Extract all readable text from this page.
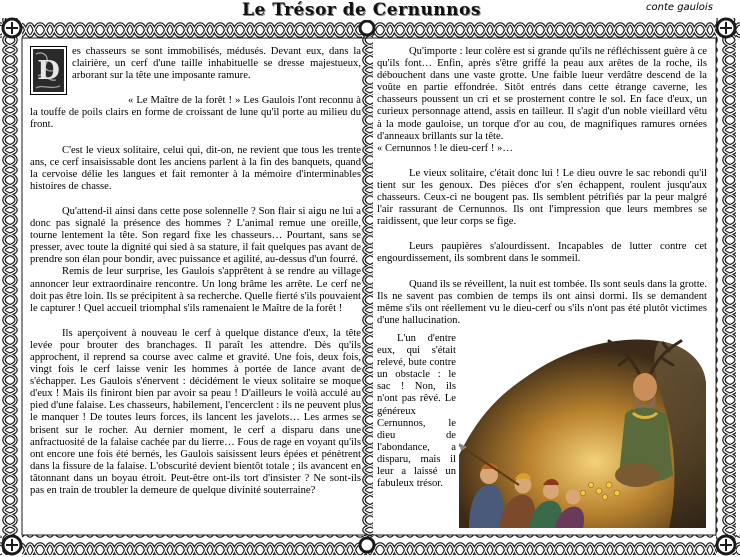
Le Trésor de Cernunnos	conte gaulois
D

es chasseurs se sont immobilisés, médusés. Devant eux, dans la clairière, un cerf d'une taille inhabituelle se dresse majestueux, arborant sur la tête une imposante ramure.

« Le Maître de la forêt ! » Les Gaulois l'ont reconnu à la touffe de poils clairs en forme de croissant de lune qu'il porte au milieu du front.

C'est le vieux solitaire, celui qui, dit-on, ne revient que tous les trente ans, ce cerf insaisissable dont les anciens parlent à la fin des banquets, quand la cervoise délie les langues et fait remonter à la mémoire d'interminables histoires de chasse.

Qu'attend-il ainsi dans cette pose solennelle ? Son flair si aigu ne lui a donc pas signalé la présence des hommes ? L'animal remue une oreille, tourne lentement la tête. Son regard fixe les chasseurs… Pourtant, sans se presser, avec toute la dignité qui sied à sa stature, il fait quelques pas avant de prendre son élan pour bondir, avec puissance et agilité, au-dessus d'un fourré.

Remis de leur surprise, les Gaulois s'apprêtent à se rendre au village annoncer leur extraordinaire rencontre. Un long brâme les arrête. Le cerf ne doit pas être loin. Ils se précipitent à sa recherche. Quelle fierté s'ils pouvaient le capturer ! Quel accueil triomphal s'ils ramenaient le Maître de la forêt !

Ils aperçoivent à nouveau le cerf à quelque distance d'eux, la tête levée pour brouter des branchages. Il paraît les attendre. Dès qu'ils approchent, il reprend sa course avec calme et gravité. Une fois, deux fois, vingt fois le cerf laisse venir les hommes à portée de lance avant de s'échapper. Les Gaulois s'énervent : décidément le vieux solitaire se moque d'eux ! Mais ils finiront bien par avoir sa peau ! D'ailleurs le voilà acculé au pied d'une falaise. Les chasseurs, habilement, l'encerclent : ils ne peuvent plus le manquer ! De toutes leurs forces, ils lancent les javelots… Les armes se brisent sur le rocher. Au dernier moment, le cerf a disparu dans une anfractuosité de la falaise cachée par du lierre… Fous de rage en voyant qu'ils ont encore une fois été bernés, les Gaulois saisissent leurs épées et pénètrent dans la fissure de la falaise. L'obscurité devient bientôt totale ; ils avancent en tâtonnant dans un boyau étroit. Peut-être ont-ils tort d'insister ? Ne sont-ils pas en train de troubler la demeure de quelque divinité souterraine?

Qu'importe : leur colère est si grande qu'ils ne réfléchissent guère à ce qu'ils font… Enfin, après s'être griffé la peau aux arêtes de la roche, ils débouchent dans une vaste grotte. Une faible lueur verdâtre descend de la voûte en partie effondrée. Sitôt entrés dans cette étrange caverne, les chasseurs poussent un cri et se prosternent contre le sol. En face d'eux, un curieux personnage attend, assis en tailleur. Il s'agit d'un noble vieillard vêtu à la mode gauloise, un torque d'or au cou, de magnifiques ramures ornées d'anneaux brillants sur la tête.

« Cernunnos ! le dieu-cerf ! »…

Le vieux solitaire, c'était donc lui ! Le dieu ouvre le sac rebondi qu'il tient sur les genoux. Des pièces d'or s'en échappent, roulent jusqu'aux chasseurs. Ceux-ci ne bougent pas. Ils semblent pétrifiés par la peur malgré l'air rassurant de Cernunnos. Ils ont l'impression que leurs membres se raidissent, que leur corps se fige.

Leurs paupières s'alourdissent. Incapables de lutter contre cet engourdissement, ils sombrent dans le sommeil.

Quand ils se réveillent, la nuit est tombée. Ils sont seuls dans la grotte. Ils ne savent pas combien de temps ils ont ainsi dormi. Ils se demandent même s'ils ont réellement vu le dieu-cerf ou s'ils n'ont pas été plutôt victimes d'une hallucination.

L'un d'entre eux, qui s'était relevé, bute contre un obstacle : le sac ! Non, ils n'ont pas rêvé. Le généreux Cernunnos, le dieu de l'abondance, a disparu, mais il leur a laissé un fabuleux trésor.
